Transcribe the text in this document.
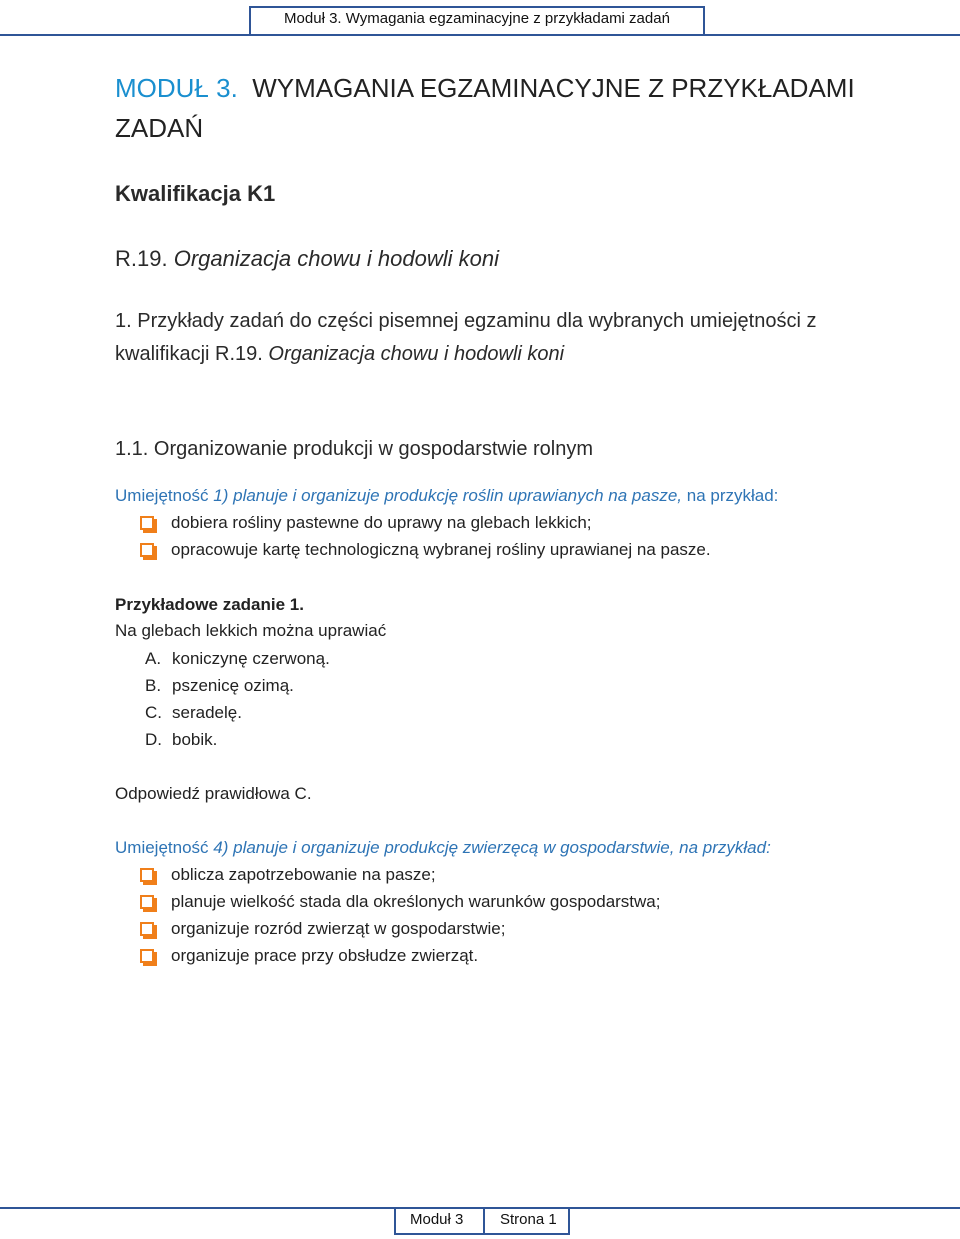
Moduł 3. Wymagania egzaminacyjne z przykładami zadań
MODUŁ 3. WYMAGANIA EGZAMINACYJNE Z PRZYKŁADAMI ZADAŃ
Kwalifikacja K1
R.19. Organizacja chowu i hodowli koni
1. Przykłady zadań do części pisemnej egzaminu dla wybranych umiejętności z kwalifikacji R.19. Organizacja chowu i hodowli koni
1.1. Organizowanie produkcji w gospodarstwie rolnym
Umiejętność 1) planuje i organizuje produkcję roślin uprawianych na pasze, na przykład:
dobiera rośliny pastewne do uprawy na glebach lekkich;
opracowuje kartę technologiczną wybranej rośliny uprawianej na pasze.
Przykładowe zadanie 1.
Na glebach lekkich można uprawiać
A. koniczynę czerwoną.
B. pszenicę ozimą.
C. seradelę.
D. bobik.
Odpowiedź prawidłowa C.
Umiejętność 4) planuje i organizuje produkcję zwierzęcą w gospodarstwie, na przykład:
oblicza zapotrzebowanie na pasze;
planuje wielkość stada dla określonych warunków gospodarstwa;
organizuje rozród zwierząt w gospodarstwie;
organizuje prace przy obsłudze zwierząt.
Moduł 3 Strona 1
